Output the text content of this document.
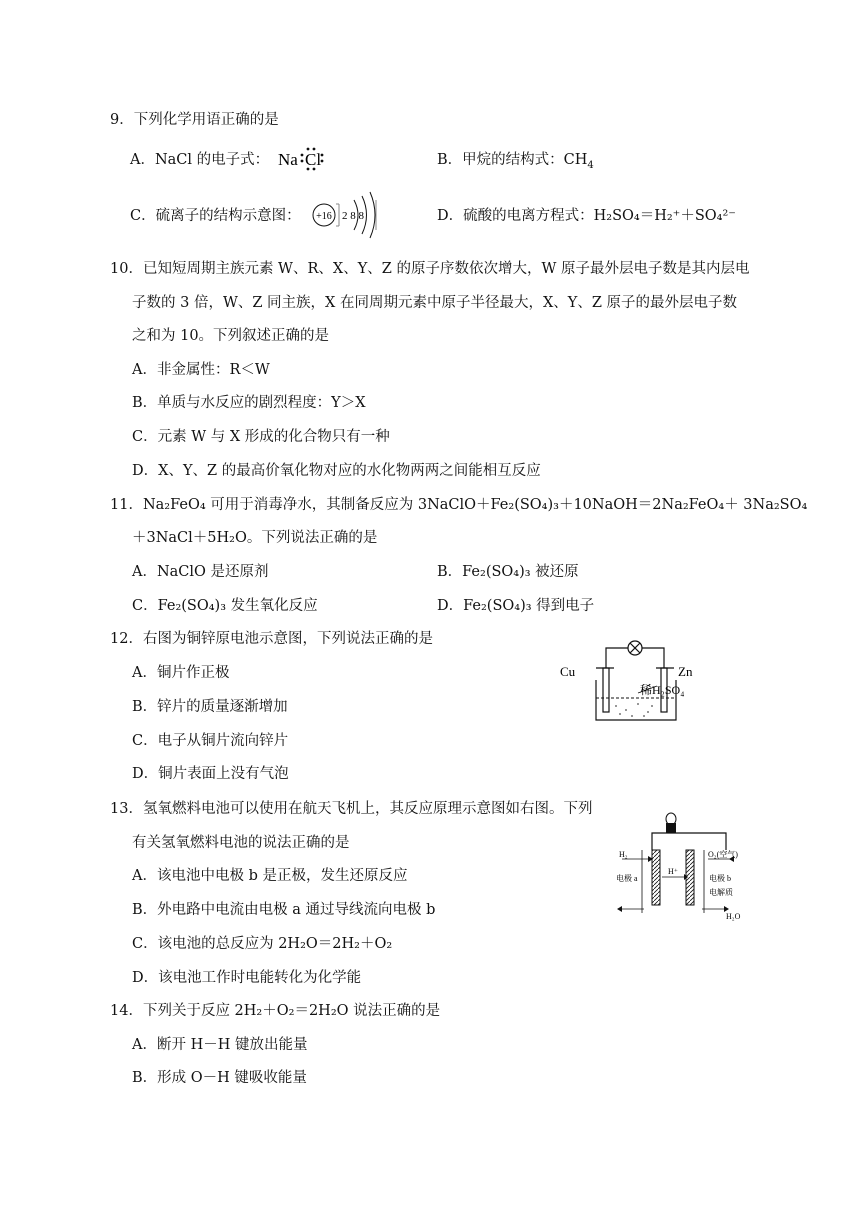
9．下列化学用语正确的是
A．NaCl 的电子式： Na Cl	B．甲烷的结构式：$CH_4$
C．硫离子的结构示意图： +16 2 8 8	D．硫酸的电离方程式：H₂SO₄＝H₂⁺＋SO₄²⁻
10．已知短周期主族元素 W、R、X、Y、Z 的原子序数依次增大，W 原子最外层电子数是其内层电
子数的 3 倍，W、Z 同主族，X 在同周期元素中原子半径最大，X、Y、Z 原子的最外层电子数
之和为 10。下列叙述正确的是
A．非金属性：R＜W
B．单质与水反应的剧烈程度：Y＞X
C．元素 W 与 X 形成的化合物只有一种
D．X、Y、Z 的最高价氧化物对应的水化物两两之间能相互反应
11．Na₂FeO₄ 可用于消毒净水，其制备反应为 3NaClO＋Fe₂(SO₄)₃＋10NaOH＝2Na₂FeO₄＋ 3Na₂SO₄
＋3NaCl＋5H₂O。下列说法正确的是
A．NaClO 是还原剂	B．Fe₂(SO₄)₃ 被还原
C．Fe₂(SO₄)₃ 发生氧化反应	D．Fe₂(SO₄)₃ 得到电子
12．右图为铜锌原电池示意图，下列说法正确的是
A．铜片作正极
B．锌片的质量逐渐增加
C．电子从铜片流向锌片
D．铜片表面上没有气泡
Cu	Zn
稀H₂SO₄
13．氢氧燃料电池可以使用在航天飞机上，其反应原理示意图如右图。下列
有关氢氧燃料电池的说法正确的是
A．该电池中电极 b 是正极，发生还原反应
B．外电路中电流由电极 a 通过导线流向电极 b
C．该电池的总反应为 2H₂O＝2H₂＋O₂
D．该电池工作时电能转化为化学能
H₂	O₂(空气)
电极 a	电极 b
电解质
H⁺
H₂O
14．下列关于反应 2H₂＋O₂＝2H₂O 说法正确的是
A．断开 H－H 键放出能量
B．形成 O－H 键吸收能量
